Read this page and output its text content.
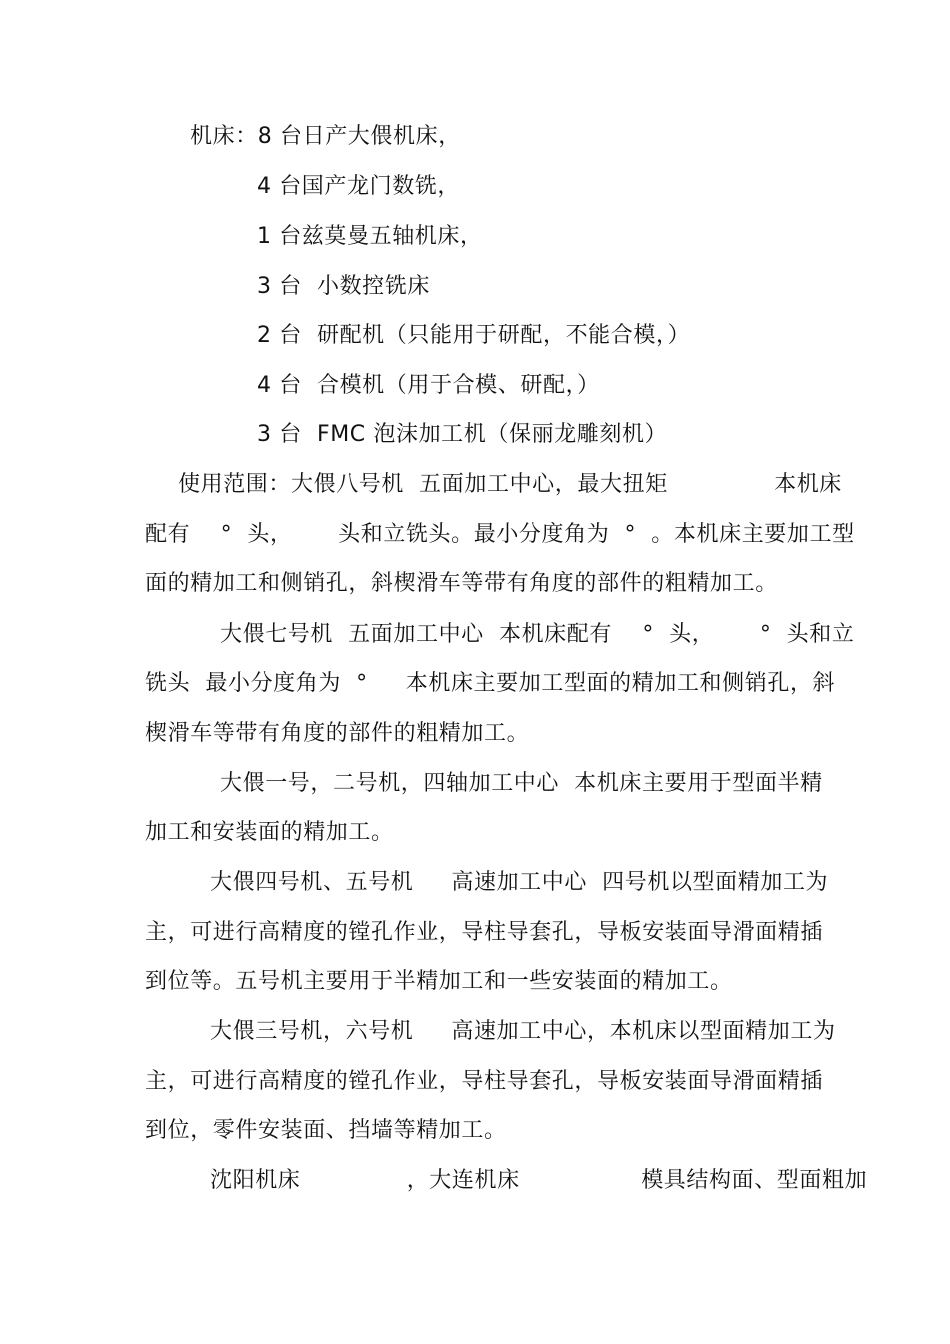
机床：8 台日产大偎机床，
4 台国产龙门数铣，
1 台兹莫曼五轴机床，
3 台  小数控铣床
2 台  研配机（只能用于研配，不能合模，）
4 台  合模机（用于合模、研配，）
3 台  FMC 泡沫加工机（保丽龙雕刻机）
使用范围：大偎八号机  五面加工中心，最大扭矩              本机床
配有    °  头，      头和立铣头。最小分度角为  °  。本机床主要加工型
面的精加工和侧销孔，斜楔滑车等带有角度的部件的粗精加工。
大偎七号机  五面加工中心  本机床配有    °  头，      °  头和立
铣头  最小分度角为  °     本机床主要加工型面的精加工和侧销孔，斜
楔滑车等带有角度的部件的粗精加工。
大偎一号，二号机，四轴加工中心  本机床主要用于型面半精
加工和安装面的精加工。
大偎四号机、五号机     高速加工中心  四号机以型面精加工为
主，可进行高精度的镗孔作业，导柱导套孔，导板安装面导滑面精插
到位等。五号机主要用于半精加工和一些安装面的精加工。
大偎三号机，六号机     高速加工中心，本机床以型面精加工为
主，可进行高精度的镗孔作业，导柱导套孔，导板安装面导滑面精插
到位，零件安装面、挡墙等精加工。
沈阳机床              ，大连机床                模具结构面、型面粗加
